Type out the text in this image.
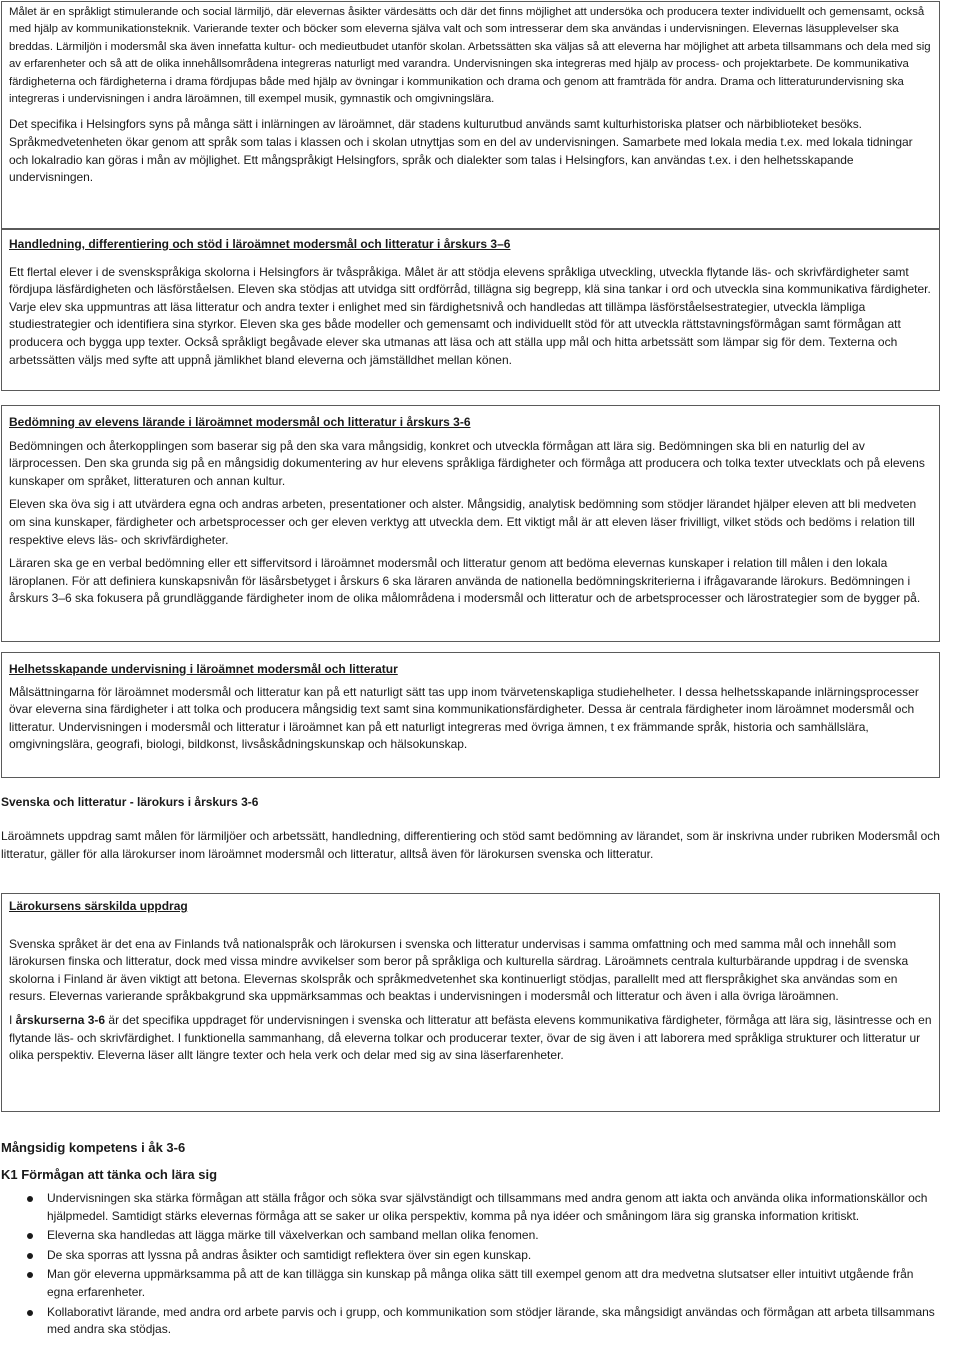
Målet är en språkligt stimulerande och social lärmiljö, där elevernas åsikter värdesätts och där det finns möjlighet att undersöka och producera texter individuellt och gemensamt, också med hjälp av kommunikationsteknik. Varierande texter och böcker som eleverna själva valt och som intresserar dem ska användas i undervisningen. Elevernas läsupplevelser ska breddas. Lärmiljön i modersmål ska även innefatta kultur- och medieutbudet utanför skolan. Arbetssätten ska väljas så att eleverna har möjlighet att arbeta tillsammans och dela med sig av erfarenheter och så att de olika innehållsområdena integreras naturligt med varandra. Undervisningen ska integreras med hjälp av process- och projektarbete. De kommunikativa färdigheterna och färdigheterna i drama fördjupas både med hjälp av övningar i kommunikation och drama och genom att framträda för andra. Drama och litteraturundervisning ska integreras i undervisningen i andra läroämnen, till exempel musik, gymnastik och omgivningslära.

Det specifika i Helsingfors syns på många sätt i inlärningen av läroämnet, där stadens kulturutbud används samt kulturhistoriska platser och närbiblioteket besöks. Språkmedvetenheten ökar genom att språk som talas i klassen och i skolan utnyttjas som en del av undervisningen. Samarbete med lokala media t.ex. med lokala tidningar och lokalradio kan göras i mån av möjlighet. Ett mångspråkigt Helsingfors, språk och dialekter som talas i Helsingfors, kan användas t.ex. i den helhetsskapande undervisningen.

Handledning, differentiering och stöd i läroämnet modersmål och litteratur i årskurs 3–6

Ett flertal elever i de svenskspråkiga skolorna i Helsingfors är tvåspråkiga. Målet är att stödja elevens språkliga utveckling, utveckla flytande läs- och skrivfärdigheter samt fördjupa läsfärdigheten och läsförståelsen. Eleven ska stödjas att utvidga sitt ordförråd, tillägna sig begrepp, klä sina tankar i ord och utveckla sina kommunikativa färdigheter. Varje elev ska uppmuntras att läsa litteratur och andra texter i enlighet med sin färdighetsnivå och handledas att tillämpa läsförståelsestrategier, utveckla lämpliga studiestrategier och identifiera sina styrkor. Eleven ska ges både modeller och gemensamt och individuellt stöd för att utveckla rättstavningsförmågan samt förmågan att producera och bygga upp texter. Också språkligt begåvade elever ska utmanas att läsa och att ställa upp mål och hitta arbetssätt som lämpar sig för dem. Texterna och arbetssätten väljs med syfte att uppnå jämlikhet bland eleverna och jämställdhet mellan könen.

Bedömning av elevens lärande i läroämnet modersmål och litteratur i årskurs 3-6

Bedömningen och återkopplingen som baserar sig på den ska vara mångsidig, konkret och utveckla förmågan att lära sig. Bedömningen ska bli en naturlig del av lärprocessen. Den ska grunda sig på en mångsidig dokumentering av hur elevens språkliga färdigheter och förmåga att producera och tolka texter utvecklats och på elevens kunskaper om språket, litteraturen och annan kultur.

Eleven ska öva sig i att utvärdera egna och andras arbeten, presentationer och alster. Mångsidig, analytisk bedömning som stödjer lärandet hjälper eleven att bli medveten om sina kunskaper, färdigheter och arbetsprocesser och ger eleven verktyg att utveckla dem. Ett viktigt mål är att eleven läser frivilligt, vilket stöds och bedöms i relation till respektive elevs läs- och skrivfärdigheter.

Läraren ska ge en verbal bedömning eller ett siffervitsord i läroämnet modersmål och litteratur genom att bedöma elevernas kunskaper i relation till målen i den lokala läroplanen. För att definiera kunskapsnivån för läsårsbetyget i årskurs 6 ska läraren använda de nationella bedömningskriterierna i ifrågavarande lärokurs. Bedömningen i årskurs 3–6 ska fokusera på grundläggande färdigheter inom de olika målområdena i modersmål och litteratur och de arbetsprocesser och lärostrategier som de bygger på.

Helhetsskapande undervisning i läroämnet modersmål och litteratur

Målsättningarna för läroämnet modersmål och litteratur kan på ett naturligt sätt tas upp inom tvärvetenskapliga studiehelheter. I dessa helhetsskapande inlärningsprocesser övar eleverna sina färdigheter i att tolka och producera mångsidig text samt sina kommunikationsfärdigheter. Dessa är centrala färdigheter inom läroämnet modersmål och litteratur. Undervisningen i modersmål och litteratur i läroämnet kan på ett naturligt integreras med övriga ämnen, t ex främmande språk, historia och samhällslära, omgivningslära, geografi, biologi, bildkonst, livsåskådningskunskap och hälsokunskap.

Svenska och litteratur - lärokurs i årskurs 3-6

Läroämnets uppdrag samt målen för lärmiljöer och arbetssätt, handledning, differentiering och stöd samt bedömning av lärandet, som är inskrivna under rubriken Modersmål och litteratur, gäller för alla lärokurser inom läroämnet modersmål och litteratur, alltså även för lärokursen svenska och litteratur.

Lärokursens särskilda uppdrag

Svenska språket är det ena av Finlands två nationalspråk och lärokursen i svenska och litteratur undervisas i samma omfattning och med samma mål och innehåll som lärokursen finska och litteratur, dock med vissa mindre avvikelser som beror på språkliga och kulturella särdrag. Läroämnets centrala kulturbärande uppdrag i de svenska skolorna i Finland är även viktigt att betona. Elevernas skolspråk och språkmedvetenhet ska kontinuerligt stödjas, parallellt med att flerspråkighet ska användas som en resurs. Elevernas varierande språkbakgrund ska uppmärksammas och beaktas i undervisningen i modersmål och litteratur och även i alla övriga läroämnen.

I årskurserna 3-6 är det specifika uppdraget för undervisningen i svenska och litteratur att befästa elevens kommunikativa färdigheter, förmåga att lära sig, läsintresse och en flytande läs- och skrivfärdighet. I funktionella sammanhang, då eleverna tolkar och producerar texter, övar de sig även i att laborera med språkliga strukturer och litteratur ur olika perspektiv. Eleverna läser allt längre texter och hela verk och delar med sig av sina läserfarenheter.

Mångsidig kompetens i åk 3-6
K1 Förmågan att tänka och lära sig
Undervisningen ska stärka förmågan att ställa frågor och söka svar självständigt och tillsammans med andra genom att iakta och använda olika informationskällor och hjälpmedel. Samtidigt stärks elevernas förmåga att se saker ur olika perspektiv, komma på nya idéer och småningom lära sig granska information kritiskt.
Eleverna ska handledas att lägga märke till växelverkan och samband mellan olika fenomen.
De ska sporras att lyssna på andras åsikter och samtidigt reflektera över sin egen kunskap.
Man gör eleverna uppmärksamma på att de kan tillägga sin kunskap på många olika sätt till exempel genom att dra medvetna slutsatser eller intuitivt utgående från egna erfarenheter.
Kollaborativt lärande, med andra ord arbete parvis och i grupp, och kommunikation som stödjer lärande, ska mångsidigt användas och förmågan att arbeta tillsammans med andra ska stödjas.
